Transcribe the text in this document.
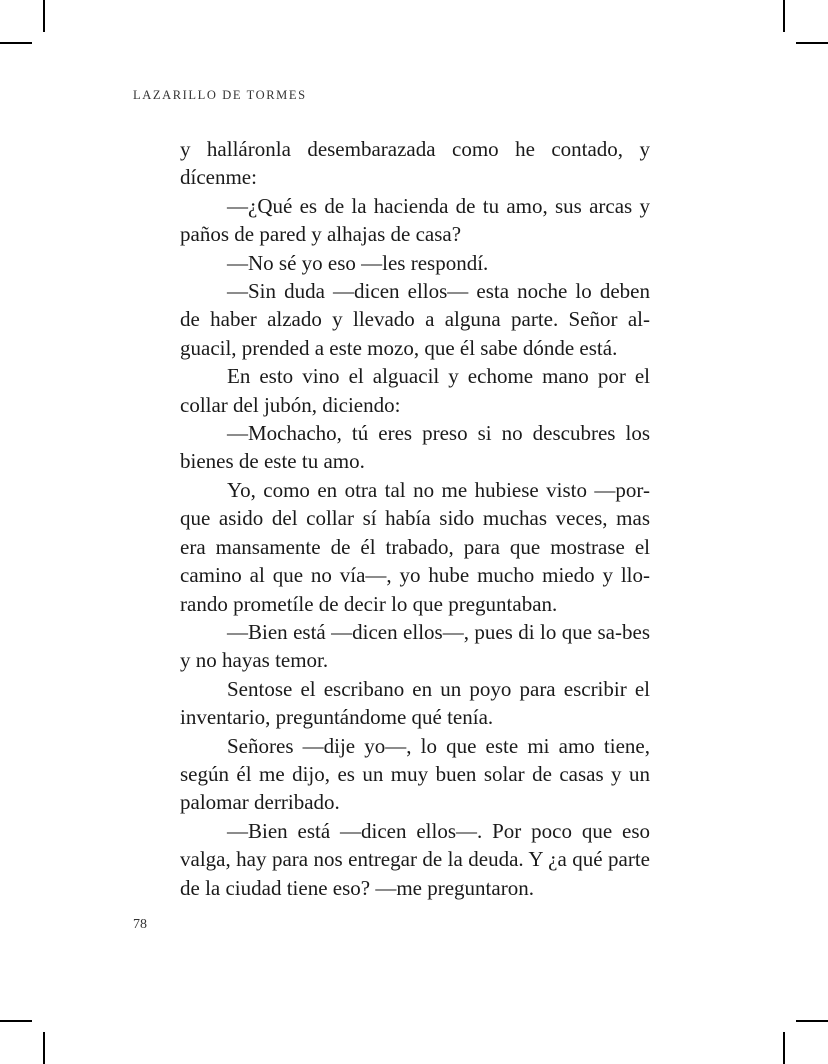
LAZARILLO DE TORMES

y halláronla desembarazada como he contado, y dícenme:

—¿Qué es de la hacienda de tu amo, sus arcas y paños de pared y alhajas de casa?

—No sé yo eso —les respondí.

—Sin duda —dicen ellos— esta noche lo deben de haber alzado y llevado a alguna parte. Señor al-guacil, prended a este mozo, que él sabe dónde está.

En esto vino el alguacil y echome mano por el collar del jubón, diciendo:

—Mochacho, tú eres preso si no descubres los bienes de este tu amo.

Yo, como en otra tal no me hubiese visto —por-que asido del collar sí había sido muchas veces, mas era mansamente de él trabado, para que mostrase el camino al que no vía—, yo hube mucho miedo y llo-rando prometíle de decir lo que preguntaban.

—Bien está —dicen ellos—, pues di lo que sa-bes y no hayas temor.

Sentose el escribano en un poyo para escribir el inventario, preguntándome qué tenía.

Señores —dije yo—, lo que este mi amo tiene, según él me dijo, es un muy buen solar de casas y un palomar derribado.

—Bien está —dicen ellos—. Por poco que eso valga, hay para nos entregar de la deuda. Y ¿a qué parte de la ciudad tiene eso? —me preguntaron.

78
